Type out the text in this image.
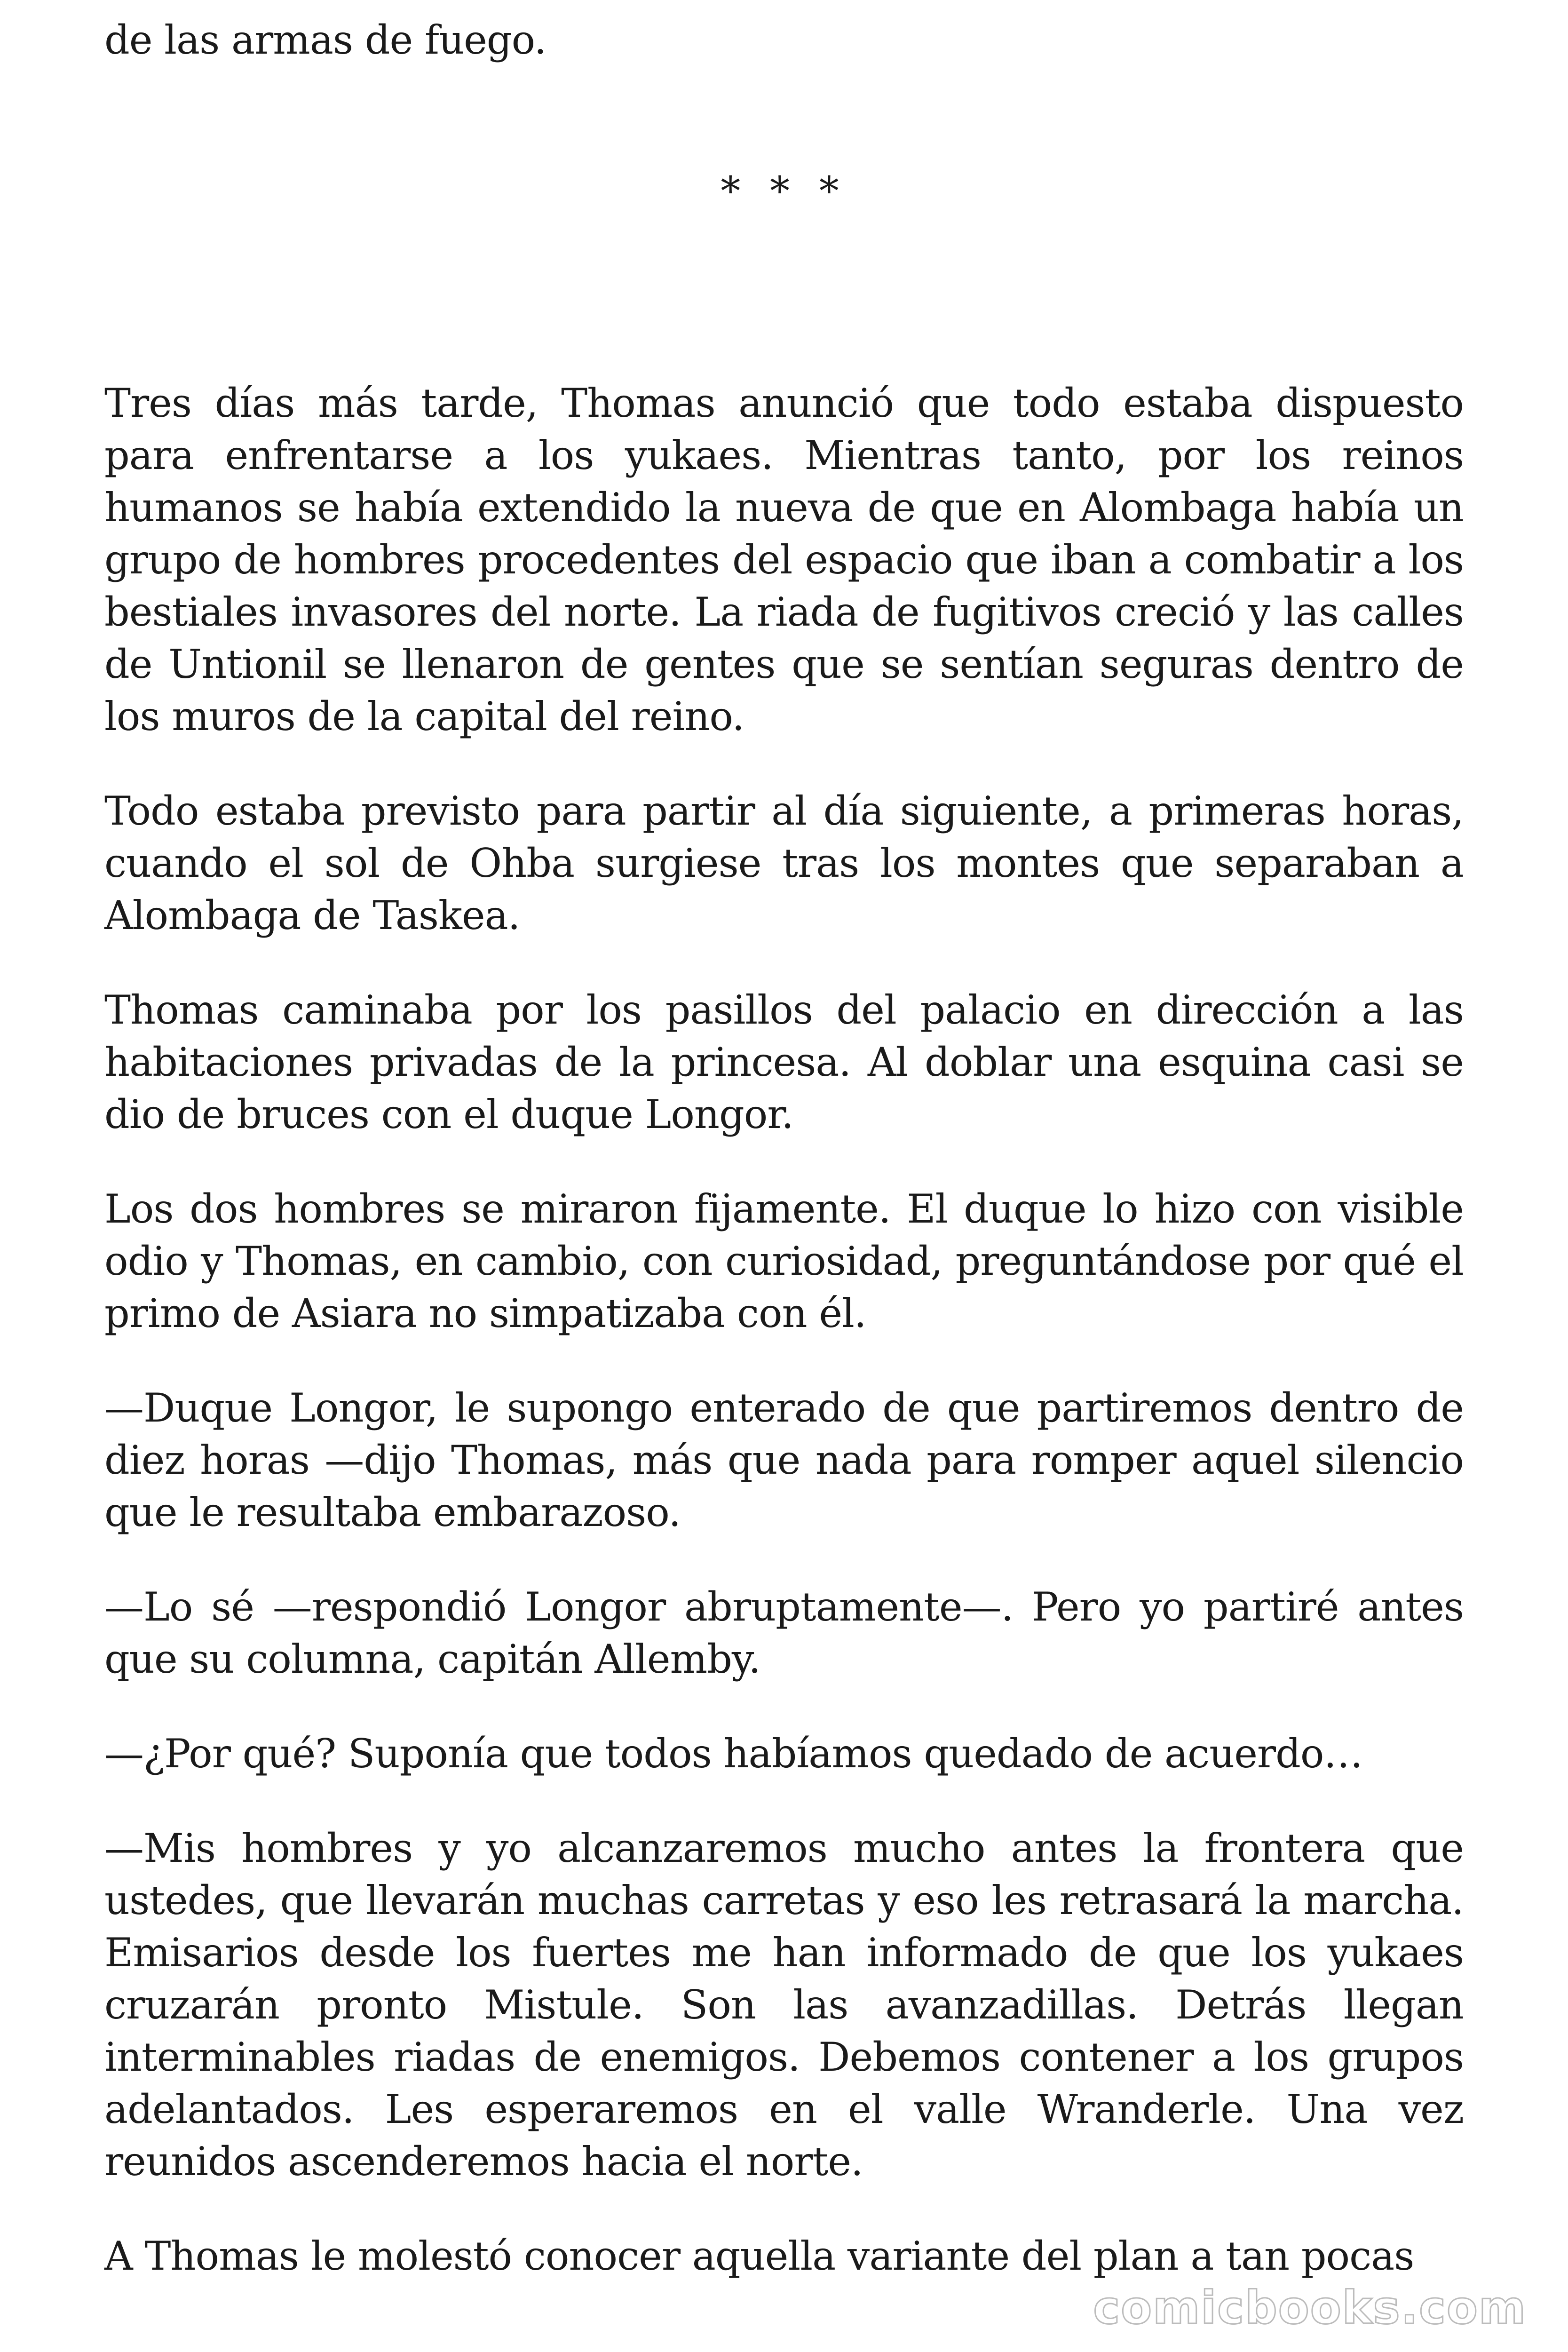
de las armas de fuego.

* * *

Tres días más tarde, Thomas anunció que todo estaba dispuesto para enfrentarse a los yukaes. Mientras tanto, por los reinos humanos se había extendido la nueva de que en Alombaga había un grupo de hombres procedentes del espacio que iban a combatir a los bestiales invasores del norte. La riada de fugitivos creció y las calles de Untionil se llenaron de gentes que se sentían seguras dentro de los muros de la capital del reino.

Todo estaba previsto para partir al día siguiente, a primeras horas, cuando el sol de Ohba surgiese tras los montes que separaban a Alombaga de Taskea.

Thomas caminaba por los pasillos del palacio en dirección a las habitaciones privadas de la princesa. Al doblar una esquina casi se dio de bruces con el duque Longor.

Los dos hombres se miraron fijamente. El duque lo hizo con visible odio y Thomas, en cambio, con curiosidad, preguntándose por qué el primo de Asiara no simpatizaba con él.

—Duque Longor, le supongo enterado de que partiremos dentro de diez horas —dijo Thomas, más que nada para romper aquel silencio que le resultaba embarazoso.

—Lo sé —respondió Longor abruptamente—. Pero yo partiré antes que su columna, capitán Allemby.

—¿Por qué? Suponía que todos habíamos quedado de acuerdo…

—Mis hombres y yo alcanzaremos mucho antes la frontera que ustedes, que llevarán muchas carretas y eso les retrasará la marcha. Emisarios desde los fuertes me han informado de que los yukaes cruzarán pronto Mistule. Son las avanzadillas. Detrás llegan interminables riadas de enemigos. Debemos contener a los grupos adelantados. Les esperaremos en el valle Wranderle. Una vez reunidos ascenderemos hacia el norte.

A Thomas le molestó conocer aquella variante del plan a tan pocas

comicbooks.com
